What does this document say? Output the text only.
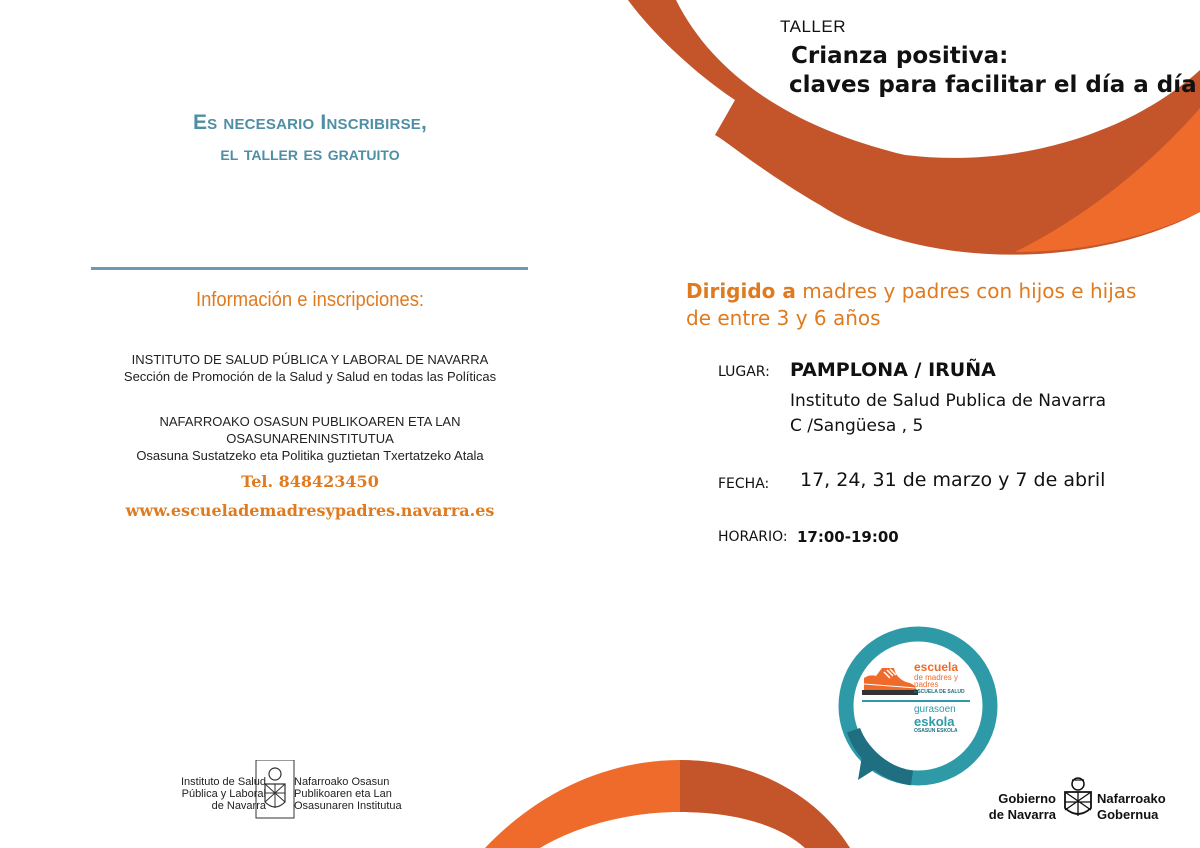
Es necesario Inscribirse,
el taller es gratuito
Información e inscripciones:
INSTITUTO DE SALUD PÚBLICA Y LABORAL DE NAVARRA
Sección de Promoción de la Salud y Salud en todas las Políticas
NAFARROAKO OSASUN PUBLIKOAREN ETA LAN OSASUNARENINSTITUTUA
Osasuna Sustatzeko eta Politika guztietan Txertatzeko Atala
Tel. 848423450
www.escuelademadresypadres.navarra.es
Instituto de Salud
Pública y Laboral
de Navarra
Nafarroako Osasun
Publikoaren eta Lan
Osasunaren Institutua
TALLER
Crianza positiva:
claves para facilitar el día a día
Dirigido a madres y padres con hijos e hijas de entre 3 y 6 años
LUGAR: PAMPLONA / IRUÑA
Instituto de Salud Publica de Navarra
C /Sangüesa , 5
FECHA: 17, 24, 31 de marzo y 7 de abril
HORARIO: 17:00-19:00
escuela
de madres y
padres
ESCUELA DE SALUD
gurasoen
eskola
OSASUN ESKOLA
Gobierno
de Navarra
Nafarroako
Gobernua
